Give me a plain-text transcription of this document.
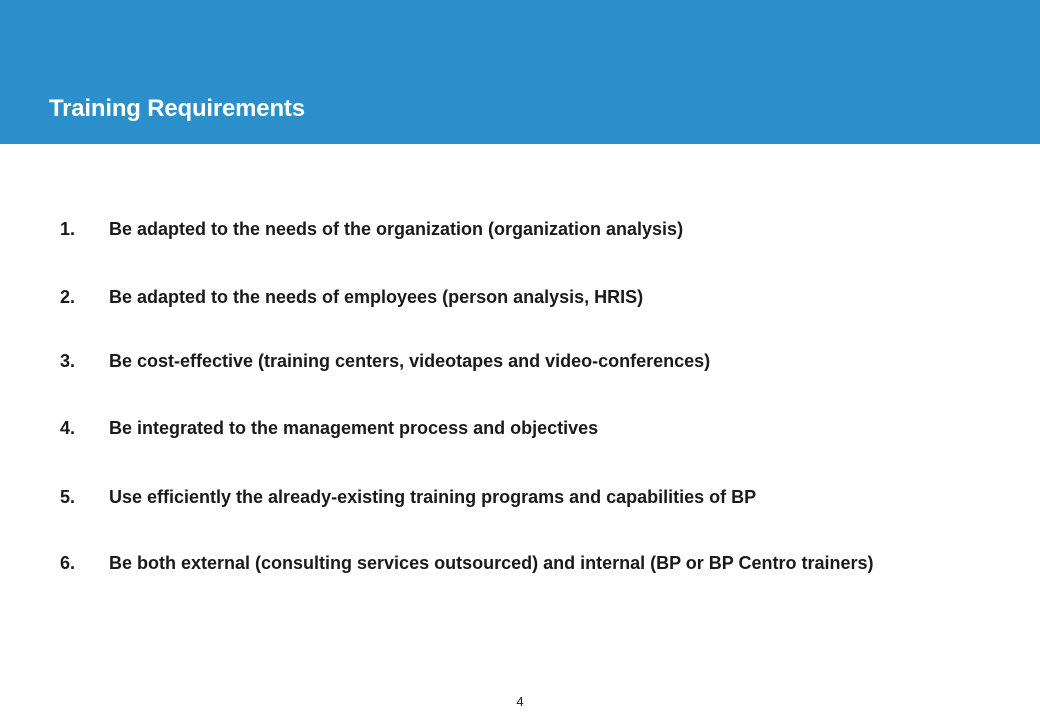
Training Requirements
1.	Be adapted to the needs of the organization (organization analysis)
2.	Be adapted to the needs of employees (person analysis, HRIS)
3.	Be cost-effective (training centers, videotapes and video-conferences)
4.	Be integrated to the management process and objectives
5.	Use efficiently the already-existing training programs and capabilities of BP
6.	Be both external (consulting services outsourced) and internal (BP or BP Centro trainers)
4
